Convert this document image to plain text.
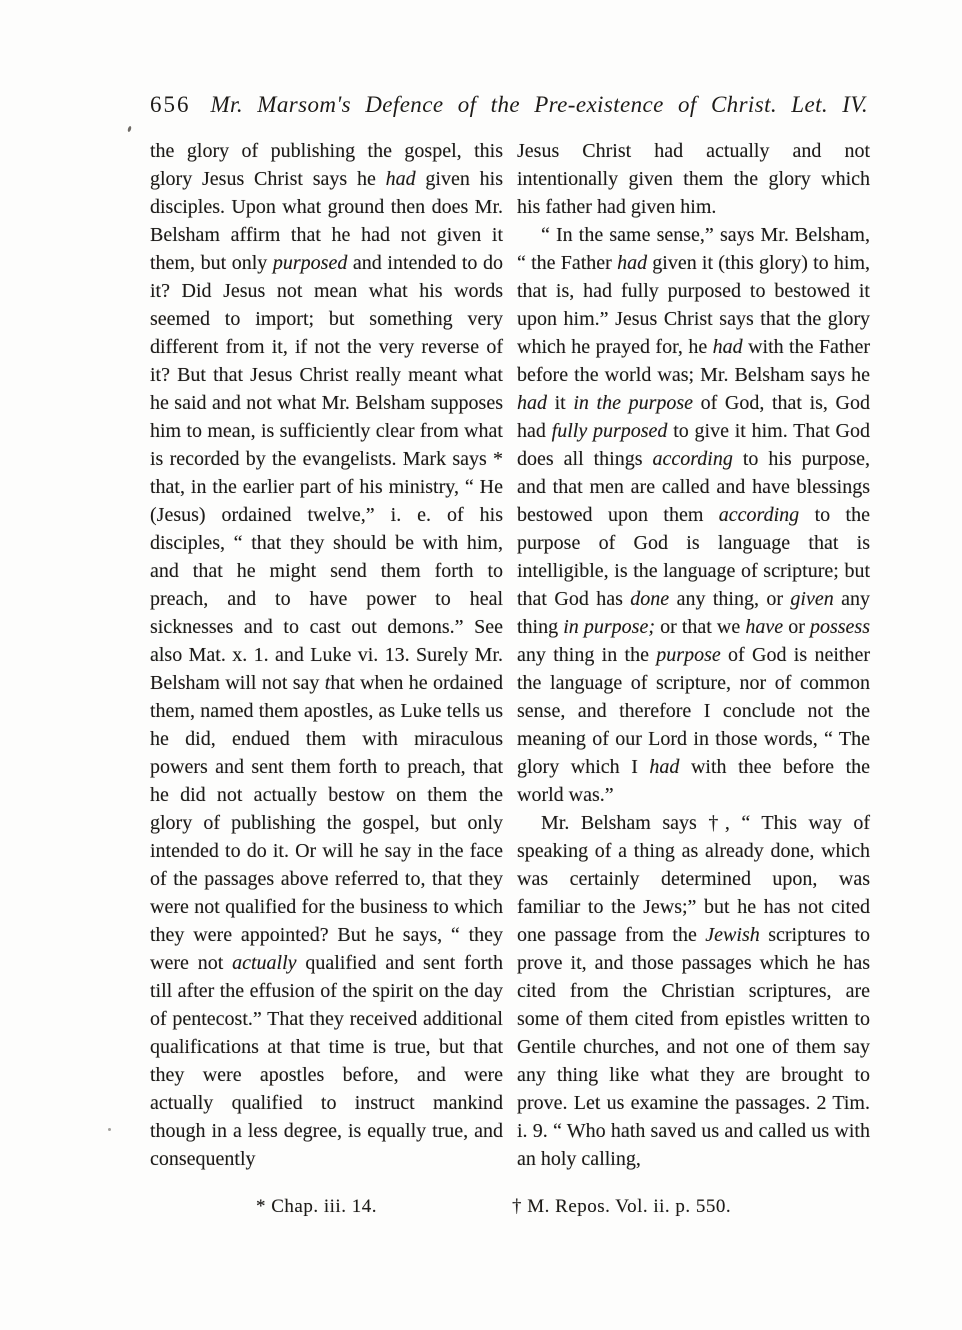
656 Mr. Marsom's Defence of the Pre-existence of Christ. Let. IV.

the glory of publishing the gospel, this glory Jesus Christ says he had given his disciples. Upon what ground then does Mr. Belsham affirm that he had not given it them, but only purposed and intended to do it? Did Jesus not mean what his words seemed to import; but something very different from it, if not the very reverse of it? But that Jesus Christ really meant what he said and not what Mr. Belsham supposes him to mean, is sufficiently clear from what is recorded by the evangelists. Mark says * that, in the earlier part of his ministry, “ He (Jesus) ordained twelve,” i. e. of his disciples, “ that they should be with him, and that he might send them forth to preach, and to have power to heal sicknesses and to cast out demons.” See also Mat. x. 1. and Luke vi. 13. Surely Mr. Belsham will not say that when he ordained them, named them apostles, as Luke tells us he did, endued them with miraculous powers and sent them forth to preach, that he did not actually bestow on them the glory of publishing the gospel, but only intended to do it. Or will he say in the face of the passages above referred to, that they were not qualified for the business to which they were appointed? But he says, “ they were not actually qualified and sent forth till after the effusion of the spirit on the day of pentecost.” That they received additional qualifications at that time is true, but that they were apostles before, and were actually qualified to instruct mankind though in a less degree, is equally true, and consequently

Jesus Christ had actually and not intentionally given them the glory which his father had given him.

“ In the same sense,” says Mr. Belsham, “ the Father had given it (this glory) to him, that is, had fully purposed to bestowed it upon him.” Jesus Christ says that the glory which he prayed for, he had with the Father before the world was; Mr. Belsham says he had it in the purpose of God, that is, God had fully purposed to give it him. That God does all things according to his purpose, and that men are called and have blessings bestowed upon them according to the purpose of God is language that is intelligible, is the language of scripture; but that God has done any thing, or given any thing in purpose; or that we have or possess any thing in the purpose of God is neither the language of scripture, nor of common sense, and therefore I conclude not the meaning of our Lord in those words, “ The glory which I had with thee before the world was.”

Mr. Belsham says †, “ This way of speaking of a thing as already done, which was certainly determined upon, was familiar to the Jews;” but he has not cited one passage from the Jewish scriptures to prove it, and those passages which he has cited from the Christian scriptures, are some of them cited from epistles written to Gentile churches, and not one of them say any thing like what they are brought to prove. Let us examine the passages. 2 Tim. i. 9. “ Who hath saved us and called us with an holy calling,

* Chap. iii. 14.	† M. Repos. Vol. ii. p. 550.
